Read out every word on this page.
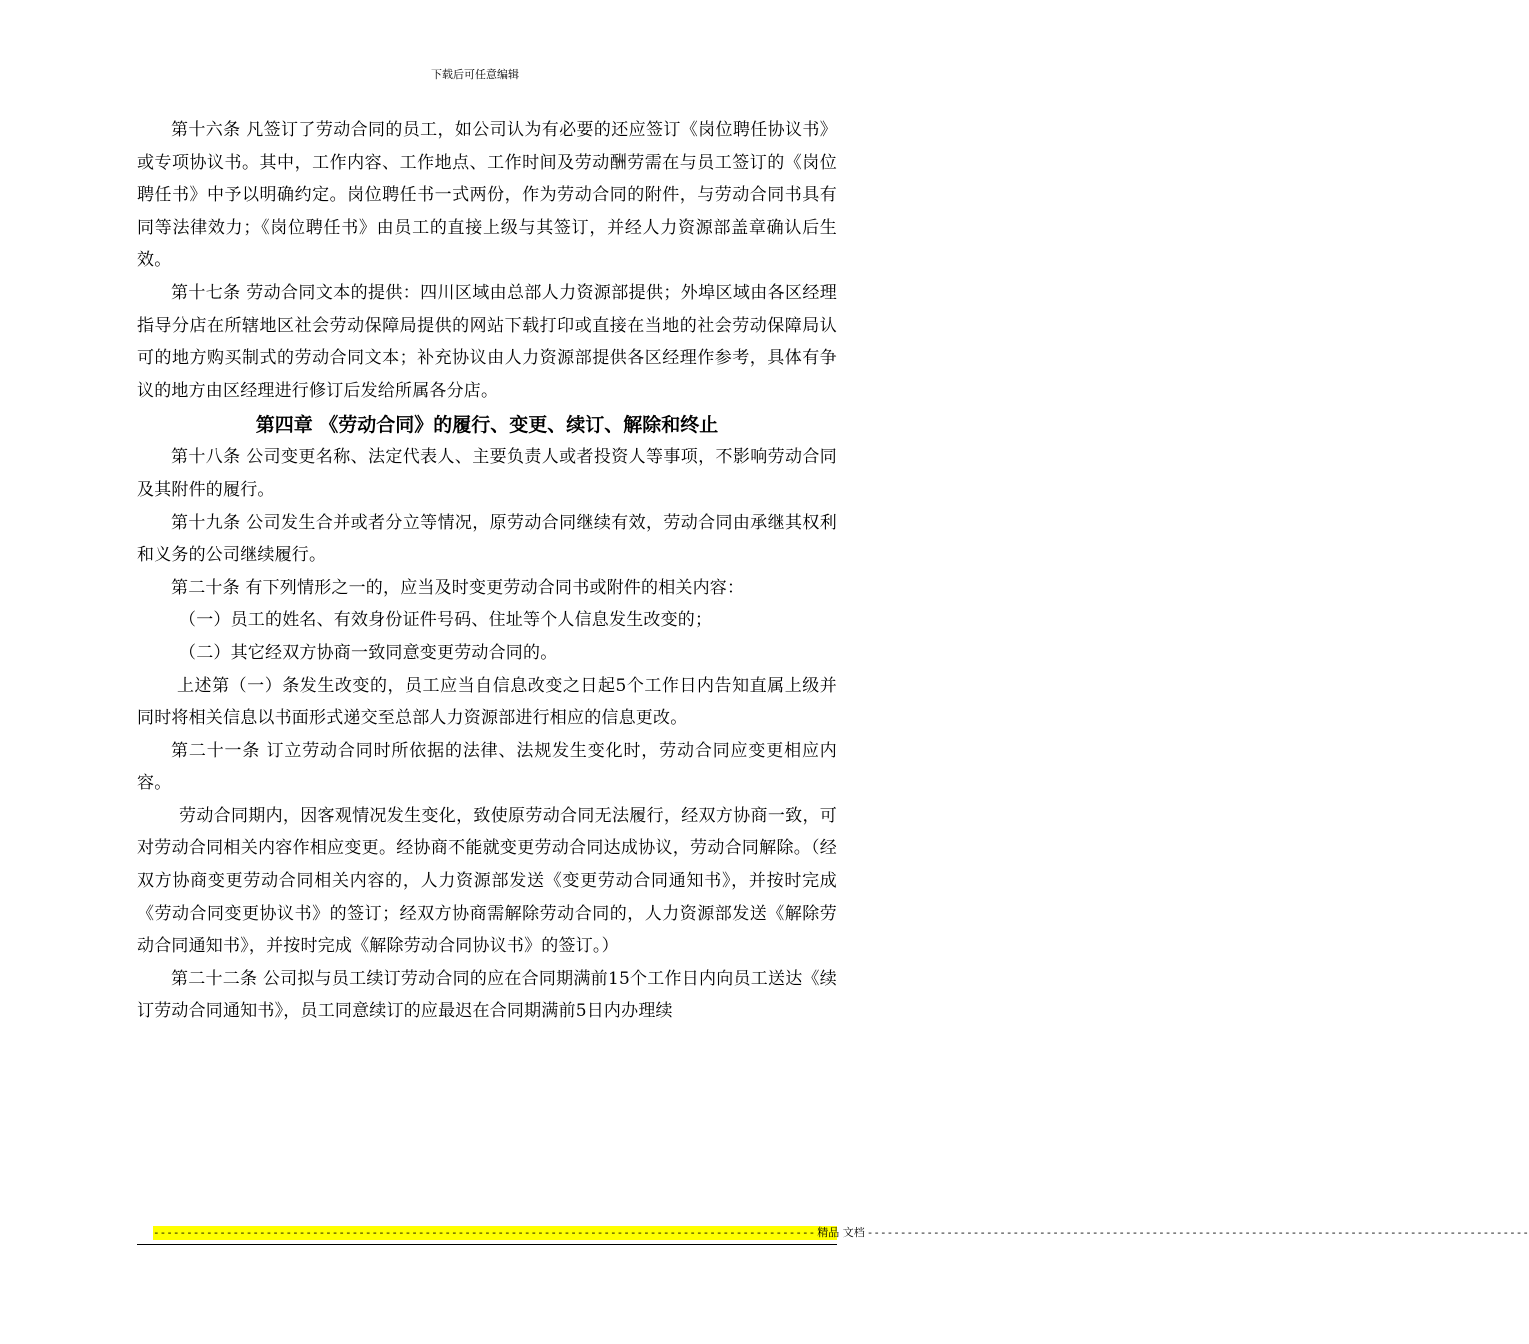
下载后可任意编辑

第十六条 凡签订了劳动合同的员工，如公司认为有必要的还应签订《岗位聘任协议书》或专项协议书。其中，工作内容、工作地点、工作时间及劳动酬劳需在与员工签订的《岗位聘任书》中予以明确约定。岗位聘任书一式两份，作为劳动合同的附件，与劳动合同书具有同等法律效力；《岗位聘任书》由员工的直接上级与其签订，并经人力资源部盖章确认后生效。

第十七条 劳动合同文本的提供：四川区域由总部人力资源部提供；外埠区域由各区经理指导分店在所辖地区社会劳动保障局提供的网站下载打印或直接在当地的社会劳动保障局认可的地方购买制式的劳动合同文本；补充协议由人力资源部提供各区经理作参考，具体有争议的地方由区经理进行修订后发给所属各分店。

第四章 《劳动合同》的履行、变更、续订、解除和终止

第十八条 公司变更名称、法定代表人、主要负责人或者投资人等事项，不影响劳动合同及其附件的履行。

第十九条 公司发生合并或者分立等情况，原劳动合同继续有效，劳动合同由承继其权利和义务的公司继续履行。

第二十条 有下列情形之一的，应当及时变更劳动合同书或附件的相关内容：

（一）员工的姓名、有效身份证件号码、住址等个人信息发生改变的；

（二）其它经双方协商一致同意变更劳动合同的。

上述第（一）条发生改变的，员工应当自信息改变之日起5个工作日内告知直属上级并同时将相关信息以书面形式递交至总部人力资源部进行相应的信息更改。

第二十一条 订立劳动合同时所依据的法律、法规发生变化时，劳动合同应变更相应内容。

劳动合同期内，因客观情况发生变化，致使原劳动合同无法履行，经双方协商一致，可对劳动合同相关内容作相应变更。经协商不能就变更劳动合同达成协议，劳动合同解除。（经双方协商变更劳动合同相关内容的，人力资源部发送《变更劳动合同通知书》，并按时完成《劳动合同变更协议书》的签订；经双方协商需解除劳动合同的，人力资源部发送《解除劳动合同通知书》，并按时完成《解除劳动合同协议书》的签订。）

第二十二条 公司拟与员工续订劳动合同的应在合同期满前15个工作日内向员工送达《续订劳动合同通知书》，员工同意续订的应最迟在合同期满前5日内办理续

---------------------------------------------------------------------------------------------------- 精品 文档 ----------------------------------------------------------------------------------------------------
